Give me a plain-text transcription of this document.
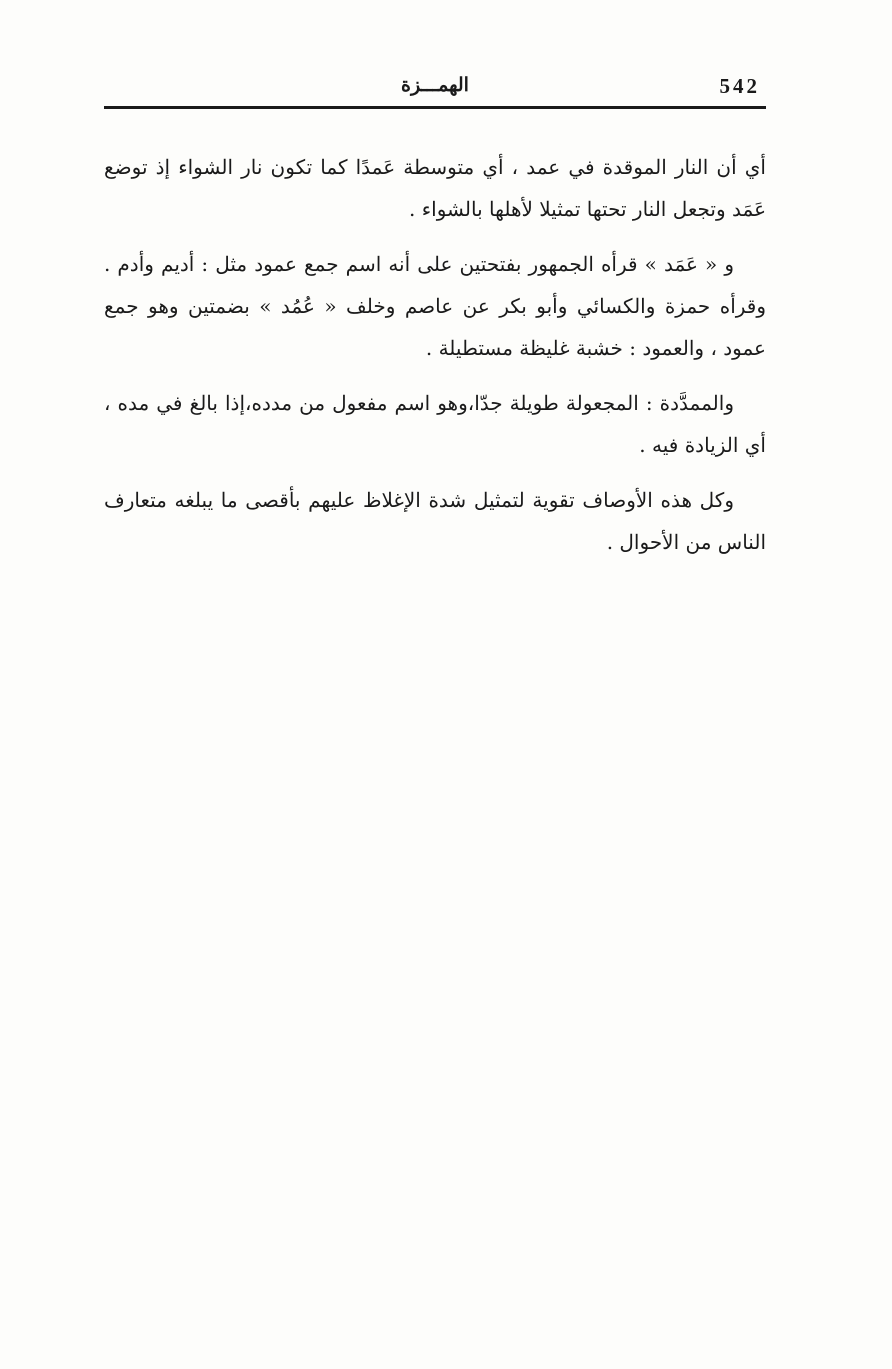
542
الهمـــزة

أي أن النار الموقدة في عمد ، أي متوسطة عَمدًا كما تكون نار الشواء إذ توضع عَمَد وتجعل النار تحتها تمثيلا لأهلها بالشواء .

و « عَمَد » قرأه الجمهور بفتحتين على أنه اسم جمع عمود مثل : أديم وأدم . وقرأه حمزة والكسائي وأبو بكر عن عاصم وخلف « عُمُد » بضمتين وهو جمع عمود ، والعمود : خشبة غليظة مستطيلة .

والممدَّدة : المجعولة طويلة جدّا،وهو اسم مفعول من مدده،إذا بالغ في مده ، أي الزيادة فيه .

وكل هذه الأوصاف تقوية لتمثيل شدة الإغلاظ عليهم بأقصى ما يبلغه متعارف الناس من الأحوال .
